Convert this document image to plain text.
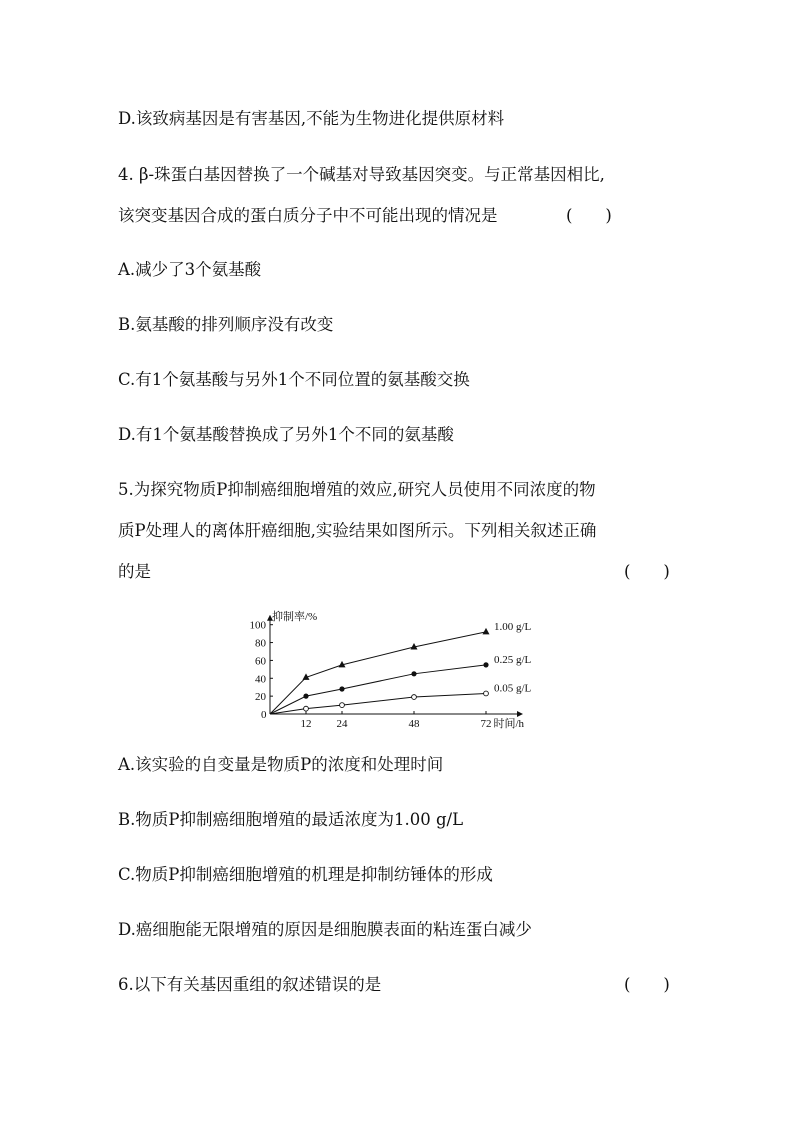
D.该致病基因是有害基因,不能为生物进化提供原材料
4. β-珠蛋白基因替换了一个碱基对导致基因突变。与正常基因相比,
该突变基因合成的蛋白质分子中不可能出现的情况是	(　　)
A.减少了3个氨基酸
B.氨基酸的排列顺序没有改变
C.有1个氨基酸与另外1个不同位置的氨基酸交换
D.有1个氨基酸替换成了另外1个不同的氨基酸
5.为探究物质P抑制癌细胞增殖的效应,研究人员使用不同浓度的物
质P处理人的离体肝癌细胞,实验结果如图所示。下列相关叙述正确
的是	(　　)
抑制率/%
时间/h
0
20
40
60
80
100
12 24	48	72
1.00 g/L
0.25 g/L
0.05 g/L
A.该实验的自变量是物质P的浓度和处理时间
B.物质P抑制癌细胞增殖的最适浓度为1.00 g/L
C.物质P抑制癌细胞增殖的机理是抑制纺锤体的形成
D.癌细胞能无限增殖的原因是细胞膜表面的粘连蛋白减少
6.以下有关基因重组的叙述错误的是	(　　)
